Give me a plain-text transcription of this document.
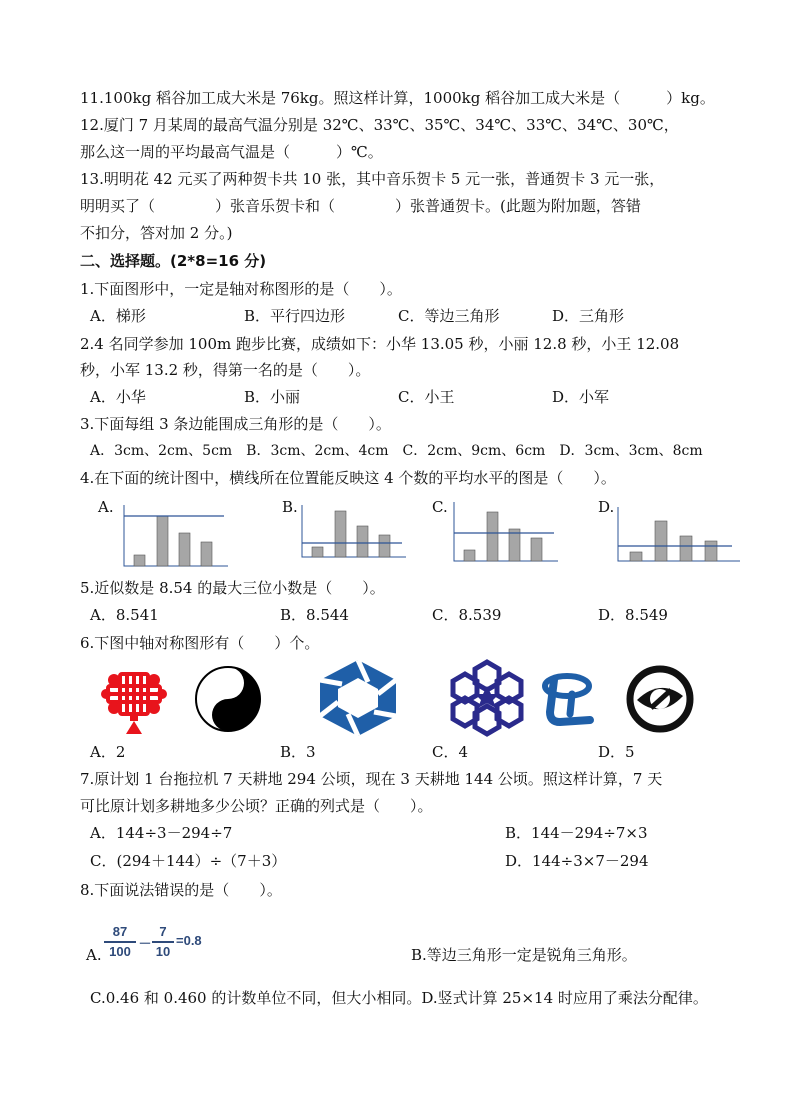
11.100kg 稻谷加工成大米是 76kg。照这样计算，1000kg 稻谷加工成大米是（	）kg。
12.厦门 7 月某周的最高气温分别是 32℃、33℃、35℃、34℃、33℃、34℃、30℃，
那么这一周的平均最高气温是（	）℃。
13.明明花 42 元买了两种贺卡共 10 张，其中音乐贺卡 5 元一张，普通贺卡 3 元一张，
明明买了（	）张音乐贺卡和（	）张普通贺卡。(此题为附加题，答错
不扣分，答对加 2 分。)
二、选择题。(2*8=16 分)
1.下面图形中，一定是轴对称图形的是（　　）。
A．梯形	B．平行四边形	C．等边三角形	D．三角形
2.4 名同学参加 100m 跑步比赛，成绩如下：小华 13.05 秒，小丽 12.8 秒，小王 12.08
秒，小军 13.2 秒，得第一名的是（　　）。
A．小华	B．小丽	C．小王	D．小军
3.下面每组 3 条边能围成三角形的是（　　）。
A．3cm、2cm、5cm　B．3cm、2cm、4cm　C．2cm、9cm、6cm　D．3cm、3cm、8cm
4.在下面的统计图中，横线所在位置能反映这 4 个数的平均水平的图是（　　）。
A.	B.	C.	D.
5.近似数是 8.54 的最大三位小数是（　　）。
A．8.541	B．8.544	C．8.539	D．8.549
6.下图中轴对称图形有（　　）个。
A．2	B．3	C．4	D．5
7.原计划 1 台拖拉机 7 天耕地 294 公顷，现在 3 天耕地 144 公顷。照这样计算，7 天
可比原计划多耕地多少公顷？正确的列式是（　　）。
A．144÷3－294÷7	B．144－294÷7×3
C．(294＋144）÷（7＋3）	D．144÷3×7－294
8.下面说法错误的是（　　）。
A.
87
100
－
7
10
=0.8
B.等边三角形一定是锐角三角形。
C.0.46 和 0.460 的计数单位不同，但大小相同。D.竖式计算 25×14 时应用了乘法分配律。
